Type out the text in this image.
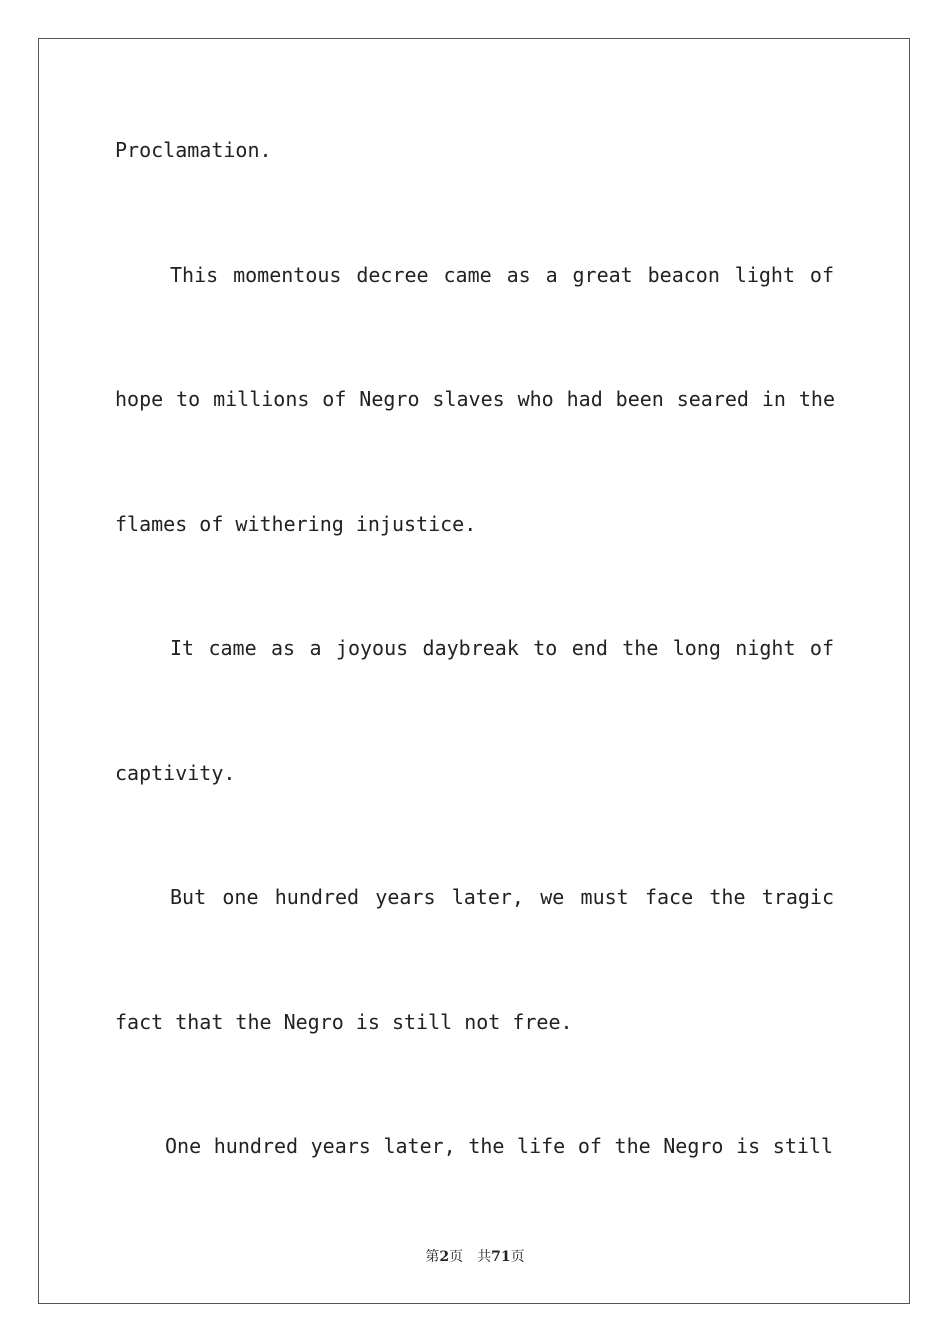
Proclamation.

This momentous decree came as a great beacon light of

hope to millions of Negro slaves who had been seared in the

flames of withering injustice.

It came as a joyous daybreak to end the long night of

captivity.

But one hundred years later, we must face the tragic

fact that the Negro is still not free.

One hundred years later, the life of the Negro is still

第2页 共71页
